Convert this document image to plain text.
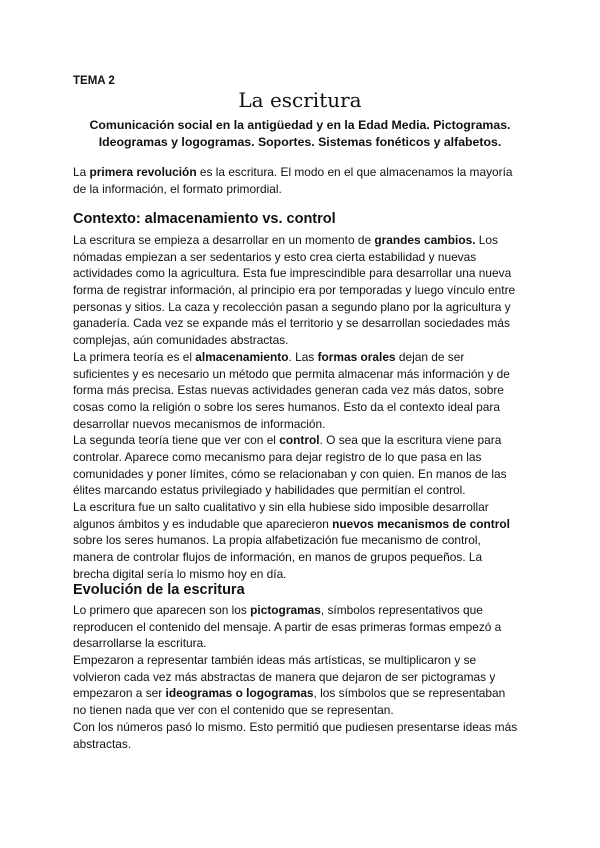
TEMA 2
La escritura
Comunicación social en la antigüedad y en la Edad Media. Pictogramas.
Ideogramas y logogramas. Soportes. Sistemas fonéticos y alfabetos.
La primera revolución es la escritura. El modo en el que almacenamos la mayoría
de la información, el formato primordial.
Contexto: almacenamiento vs. control
La escritura se empieza a desarrollar en un momento de grandes cambios. Los
nómadas empiezan a ser sedentarios y esto crea cierta estabilidad y nuevas
actividades como la agricultura. Esta fue imprescindible para desarrollar una nueva
forma de registrar información, al principio era por temporadas y luego vínculo entre
personas y sitios. La caza y recolección pasan a segundo plano por la agricultura y
ganadería. Cada vez se expande más el territorio y se desarrollan sociedades más
complejas, aún comunidades abstractas.
La primera teoría es el almacenamiento. Las formas orales dejan de ser
suficientes y es necesario un método que permita almacenar más información y de
forma más precisa. Estas nuevas actividades generan cada vez más datos, sobre
cosas como la religión o sobre los seres humanos. Esto da el contexto ideal para
desarrollar nuevos mecanismos de información.
La segunda teoría tiene que ver con el control. O sea que la escritura viene para
controlar. Aparece como mecanismo para dejar registro de lo que pasa en las
comunidades y poner límites, cómo se relacionaban y con quien. En manos de las
élites marcando estatus privilegiado y habilidades que permitían el control.
La escritura fue un salto cualitativo y sin ella hubiese sido imposible desarrollar
algunos ámbitos y es indudable que aparecieron nuevos mecanismos de control
sobre los seres humanos. La propia alfabetización fue mecanismo de control,
manera de controlar flujos de información, en manos de grupos pequeños. La
brecha digital sería lo mismo hoy en día.
Evolución de la escritura
Lo primero que aparecen son los pictogramas, símbolos representativos que
reproducen el contenido del mensaje. A partir de esas primeras formas empezó a
desarrollarse la escritura.
Empezaron a representar también ideas más artísticas, se multiplicaron y se
volvieron cada vez más abstractas de manera que dejaron de ser pictogramas y
empezaron a ser ideogramas o logogramas, los símbolos que se representaban
no tienen nada que ver con el contenido que se representan.
Con los números pasó lo mismo. Esto permitió que pudiesen presentarse ideas más
abstractas.
